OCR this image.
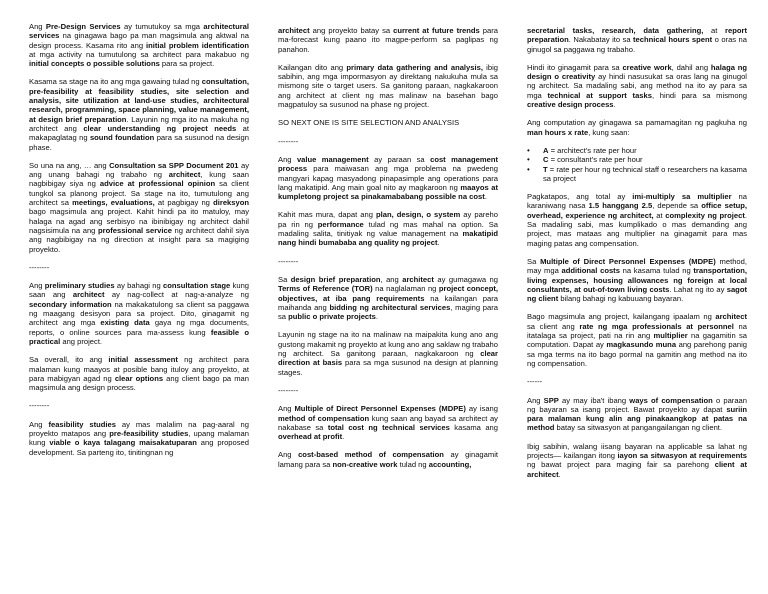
Ang Pre-Design Services ay tumutukoy sa mga architectural services na ginagawa bago pa man magsimula ang aktwal na design process. Kasama rito ang initial problem identification at mga activity na tumutulong sa architect para makabuo ng initial concepts o possible solutions para sa project.

Kasama sa stage na ito ang mga gawaing tulad ng consultation, pre-feasibility at feasibility studies, site selection and analysis, site utilization at land-use studies, architectural research, programming, space planning, value management, at design brief preparation. Layunin ng mga ito na makuha ng architect ang clear understanding ng project needs at makapaglatag ng sound foundation para sa susunod na design phase.

So una na ang, … ang Consultation sa SPP Document 201 ay ang unang bahagi ng trabaho ng architect, kung saan nagbibigay siya ng advice at professional opinion sa client tungkol sa planong project. Sa stage na ito, tumutulong ang architect sa meetings, evaluations, at pagbigay ng direksyon bago magsimula ang project. Kahit hindi pa ito matuloy, may halaga na agad ang serbisyo na ibinibigay ng architect dahil nagsisimula na ang professional service ng architect dahil siya ang nagbibigay na ng direction at insight para sa magiging proyekto.

--------

Ang preliminary studies ay bahagi ng consultation stage kung saan ang architect ay nag-collect at nag-a-analyze ng secondary information na makakatulong sa client sa paggawa ng maagang desisyon para sa project. Dito, ginagamit ng architect ang mga existing data gaya ng mga documents, reports, o online sources para ma-assess kung feasible o practical ang project.

Sa overall, ito ang initial assessment ng architect para malaman kung maayos at posible bang ituloy ang proyekto, at para mabigyan agad ng clear options ang client bago pa man magsimula ang design process.

--------

Ang feasibility studies ay mas malalim na pag-aaral ng proyekto matapos ang pre-feasibility studies, upang malaman kung viable o kaya talagang maisakatuparan ang proposed development. Sa parteng ito, tinitingnan ng

architect ang proyekto batay sa current at future trends para ma-forecast kung paano ito magpe-perform sa paglipas ng panahon.

Kailangan dito ang primary data gathering and analysis, ibig sabihin, ang mga impormasyon ay direktang nakukuha mula sa mismong site o target users. Sa ganitong paraan, nagkakaroon ang architect at client ng mas malinaw na basehan bago magpatuloy sa susunod na phase ng project.

SO NEXT ONE IS SITE SELECTION AND ANALYSIS
--------

Ang value management ay paraan sa cost management process para maiwasan ang mga problema na pwedeng mangyari kapag masyadong pinapasimple ang operations para lang makatipid. Ang main goal nito ay magkaroon ng maayos at kumpletong project sa pinakamababang possible na cost.

Kahit mas mura, dapat ang plan, design, o system ay pareho pa rin ng performance tulad ng mas mahal na option. Sa madaling salita, tinitiyak ng value management na makatipid nang hindi bumababa ang quality ng project.

--------

Sa design brief preparation, ang architect ay gumagawa ng Terms of Reference (TOR) na naglalaman ng project concept, objectives, at iba pang requirements na kailangan para maihanda ang bidding ng architectural services, maging para sa public o private projects.

Layunin ng stage na ito na malinaw na maipakita kung ano ang gustong makamit ng proyekto at kung ano ang saklaw ng trabaho ng architect. Sa ganitong paraan, nagkakaroon ng clear direction at basis para sa mga susunod na design at planning stages.

--------

Ang Multiple of Direct Personnel Expenses (MDPE) ay isang method of compensation kung saan ang bayad sa architect ay nakabase sa total cost ng technical services kasama ang overhead at profit.

Ang cost-based method of compensation ay ginagamit lamang para sa non-creative work tulad ng accounting,

secretarial tasks, research, data gathering, at report preparation. Nakabatay ito sa technical hours spent o oras na ginugol sa paggawa ng trabaho.

Hindi ito ginagamit para sa creative work, dahil ang halaga ng design o creativity ay hindi nasusukat sa oras lang na ginugol ng architect. Sa madaling sabi, ang method na ito ay para sa mga technical at support tasks, hindi para sa mismong creative design process.

Ang computation ay ginagawa sa pamamagitan ng pagkuha ng man hours x rate, kung saan:

• A = architect's rate per hour
• C = consultant's rate per hour
• T = rate per hour ng technical staff o researchers na kasama sa project

Pagkatapos, ang total ay imi-multiply sa multiplier na karaniwang nasa 1.5 hanggang 2.5, depende sa office setup, overhead, experience ng architect, at complexity ng project. Sa madaling sabi, mas kumplikado o mas demanding ang project, mas mataas ang multiplier na ginagamit para mas maging patas ang compensation.

Sa Multiple of Direct Personnel Expenses (MDPE) method, may mga additional costs na kasama tulad ng transportation, living expenses, housing allowances ng foreign at local consultants, at out-of-town living costs. Lahat ng ito ay sagot ng client bilang bahagi ng kabuuang bayaran.

Bago magsimula ang project, kailangang ipaalam ng architect sa client ang rate ng mga professionals at personnel na itatalaga sa project, pati na rin ang multiplier na gagamitin sa computation. Dapat ay magkasundo muna ang parehong panig sa mga terms na ito bago pormal na gamitin ang method na ito ng compensation.

------

Ang SPP ay may iba't ibang ways of compensation o paraan ng bayaran sa isang project. Bawat proyekto ay dapat suriin para malaman kung alin ang pinakaangkop at patas na method batay sa sitwasyon at pangangailangan ng client.

Ibig sabihin, walang iisang bayaran na applicable sa lahat ng projects— kailangan itong iayon sa sitwasyon at requirements ng bawat project para maging fair sa parehong client at architect.
